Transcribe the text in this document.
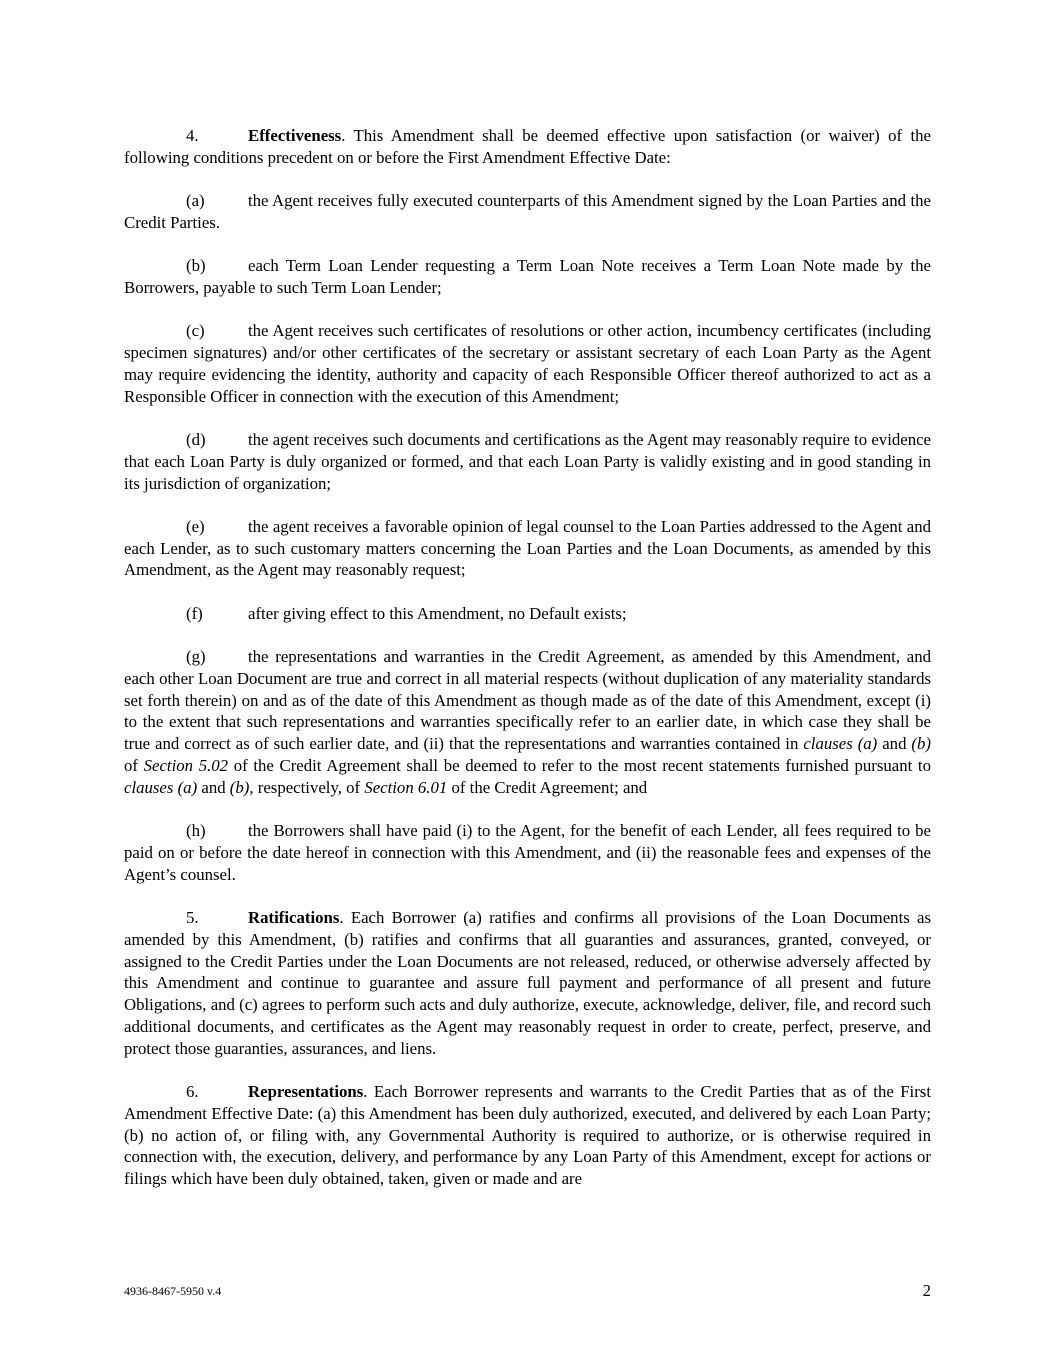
4.	Effectiveness. This Amendment shall be deemed effective upon satisfaction (or waiver) of the following conditions precedent on or before the First Amendment Effective Date:

(a)	the Agent receives fully executed counterparts of this Amendment signed by the Loan Parties and the Credit Parties.

(b)	each Term Loan Lender requesting a Term Loan Note receives a Term Loan Note made by the Borrowers, payable to such Term Loan Lender;

(c)	the Agent receives such certificates of resolutions or other action, incumbency certificates (including specimen signatures) and/or other certificates of the secretary or assistant secretary of each Loan Party as the Agent may require evidencing the identity, authority and capacity of each Responsible Officer thereof authorized to act as a Responsible Officer in connection with the execution of this Amendment;

(d)	the agent receives such documents and certifications as the Agent may reasonably require to evidence that each Loan Party is duly organized or formed, and that each Loan Party is validly existing and in good standing in its jurisdiction of organization;

(e)	the agent receives a favorable opinion of legal counsel to the Loan Parties addressed to the Agent and each Lender, as to such customary matters concerning the Loan Parties and the Loan Documents, as amended by this Amendment, as the Agent may reasonably request;

(f)	after giving effect to this Amendment, no Default exists;

(g)	the representations and warranties in the Credit Agreement, as amended by this Amendment, and each other Loan Document are true and correct in all material respects (without duplication of any materiality standards set forth therein) on and as of the date of this Amendment as though made as of the date of this Amendment, except (i) to the extent that such representations and warranties specifically refer to an earlier date, in which case they shall be true and correct as of such earlier date, and (ii) that the representations and warranties contained in clauses (a) and (b) of Section 5.02 of the Credit Agreement shall be deemed to refer to the most recent statements furnished pursuant to clauses (a) and (b), respectively, of Section 6.01 of the Credit Agreement; and

(h)	the Borrowers shall have paid (i) to the Agent, for the benefit of each Lender, all fees required to be paid on or before the date hereof in connection with this Amendment, and (ii) the reasonable fees and expenses of the Agent’s counsel.

5.	Ratifications. Each Borrower (a) ratifies and confirms all provisions of the Loan Documents as amended by this Amendment, (b) ratifies and confirms that all guaranties and assurances, granted, conveyed, or assigned to the Credit Parties under the Loan Documents are not released, reduced, or otherwise adversely affected by this Amendment and continue to guarantee and assure full payment and performance of all present and future Obligations, and (c) agrees to perform such acts and duly authorize, execute, acknowledge, deliver, file, and record such additional documents, and certificates as the Agent may reasonably request in order to create, perfect, preserve, and protect those guaranties, assurances, and liens.

6.	Representations. Each Borrower represents and warrants to the Credit Parties that as of the First Amendment Effective Date: (a) this Amendment has been duly authorized, executed, and delivered by each Loan Party; (b) no action of, or filing with, any Governmental Authority is required to authorize, or is otherwise required in connection with, the execution, delivery, and performance by any Loan Party of this Amendment, except for actions or filings which have been duly obtained, taken, given or made and are

4936-8467-5950 v.4	2
